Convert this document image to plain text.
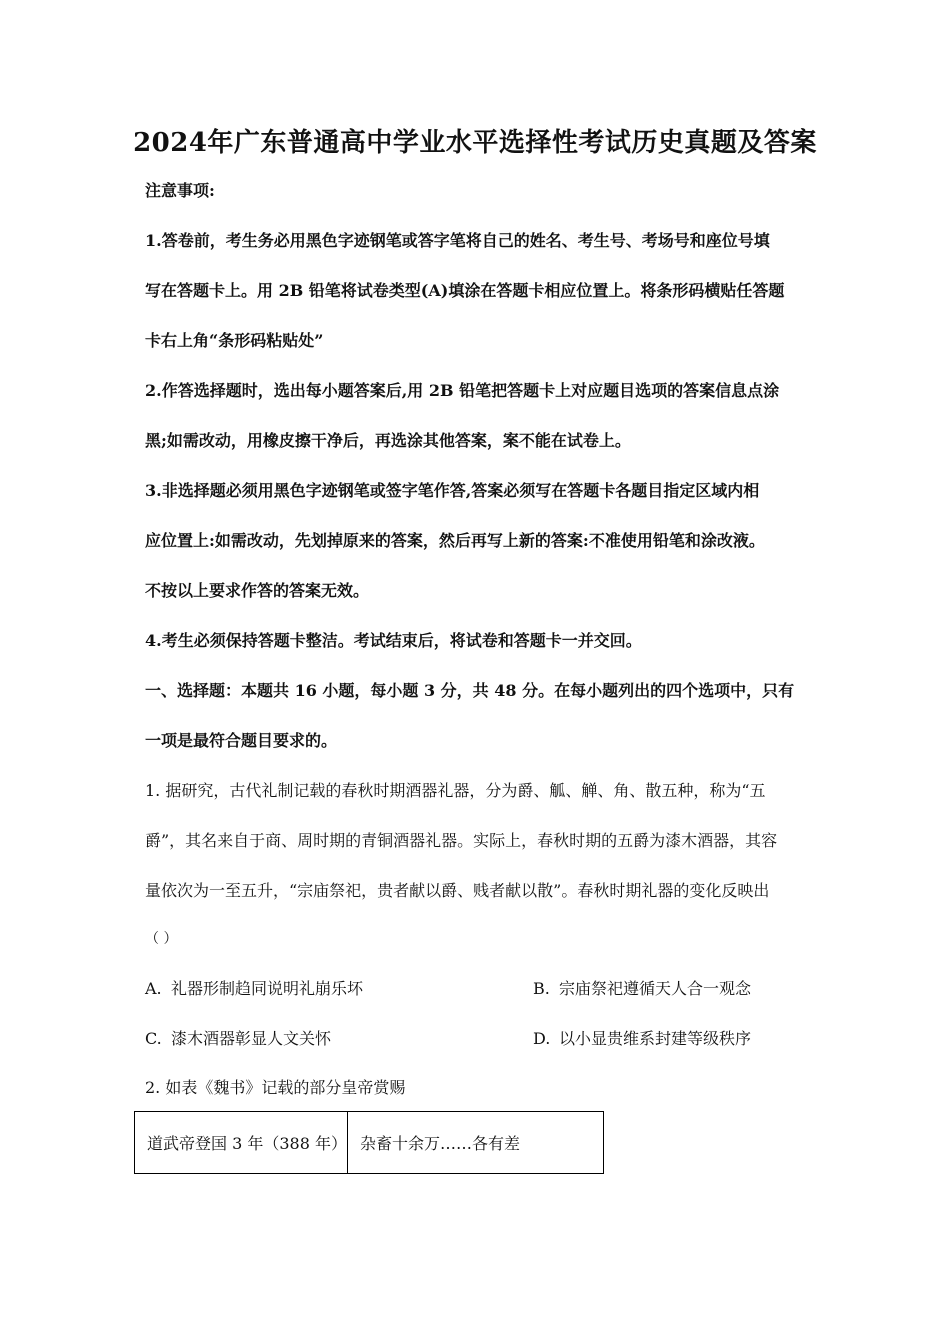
2024年广东普通高中学业水平选择性考试历史真题及答案
注意事项:
1.答卷前，考生务必用黑色字迹钢笔或答字笔将自己的姓名、考生号、考场号和座位号填
写在答题卡上。用 2B 铅笔将试卷类型(A)填涂在答题卡相应位置上。将条形码横贴任答题
卡右上角“条形码粘贴处”
2.作答选择题时，选出每小题答案后,用 2B 铅笔把答题卡上对应题目选项的答案信息点涂
黑;如需改动，用橡皮擦干净后，再选涂其他答案，案不能在试卷上。
3.非选择题必须用黑色字迹钢笔或签字笔作答,答案必须写在答题卡各题目指定区域内相
应位置上:如需改动，先划掉原来的答案，然后再写上新的答案:不准使用铅笔和涂改液。
不按以上要求作答的答案无效。
4.考生必须保持答题卡整洁。考试结束后，将试卷和答题卡一并交回。
一、选择题：本题共 16 小题，每小题 3 分，共 48 分。在每小题列出的四个选项中，只有
一项是最符合题目要求的。
1. 据研究，古代礼制记载的春秋时期酒器礼器，分为爵、觚、觯、角、散五种，称为“五
爵”，其名来自于商、周时期的青铜酒器礼器。实际上，春秋时期的五爵为漆木酒器，其容
量依次为一至五升，“宗庙祭祀，贵者献以爵、贱者献以散”。春秋时期礼器的变化反映出
（ ）
A. 礼器形制趋同说明礼崩乐坏	B. 宗庙祭祀遵循天人合一观念
C. 漆木酒器彰显人文关怀	D. 以小显贵维系封建等级秩序
2. 如表《魏书》记载的部分皇帝赏赐
道武帝登国 3 年（388 年）	杂畜十余万……各有差
